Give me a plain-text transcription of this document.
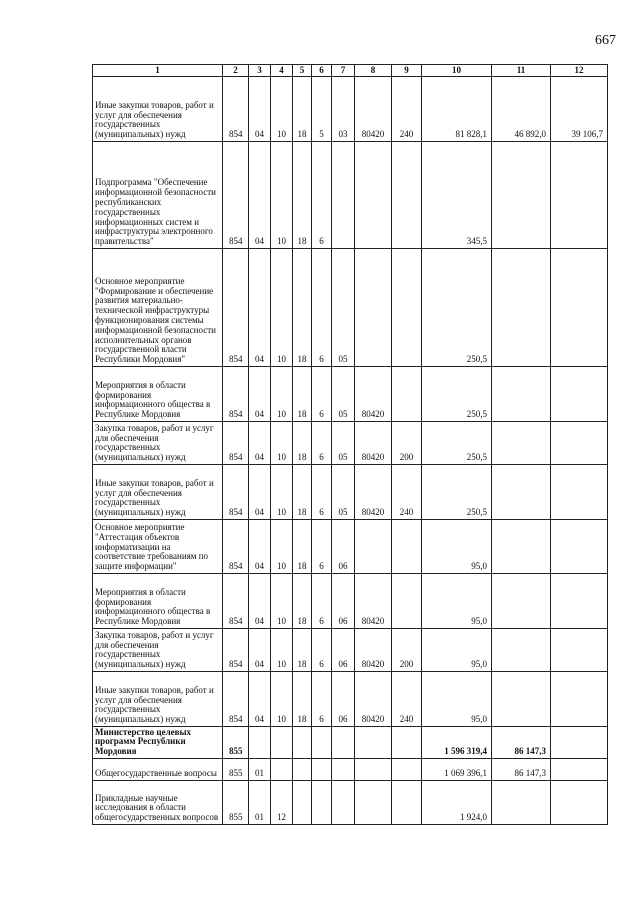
667
1	2	3	4	5	6	7	8	9	10	11	12
Иные закупки товаров, работ и услуг для обеспечения государственных (муниципальных) нужд	854	04	10	18	5	03	80420	240	81 828,1	46 892,0	39 106,7
Подпрограмма "Обеспечение информационной безопасности республиканских государственных информационных систем и инфраструктуры электронного правительства"	854	04	10	18	6				345,5		
Основное мероприятие "Формирование и обеспечение развития материально-технической инфраструктуры функционирования системы информационной безопасности исполнительных органов государственной власти Республики Мордовия"	854	04	10	18	6	05			250,5		
Мероприятия в области формирования информационного общества в Республике Мордовия	854	04	10	18	6	05	80420		250,5		
Закупка товаров, работ и услуг для обеспечения государственных (муниципальных) нужд	854	04	10	18	6	05	80420	200	250,5		
Иные закупки товаров, работ и услуг для обеспечения государственных (муниципальных) нужд	854	04	10	18	6	05	80420	240	250,5		
Основное мероприятие "Аттестация объектов информатизации на соответствие требованиям по защите информации"	854	04	10	18	6	06			95,0		
Мероприятия в области формирования информационного общества в Республике Мордовия	854	04	10	18	6	06	80420		95,0		
Закупка товаров, работ и услуг для обеспечения государственных (муниципальных) нужд	854	04	10	18	6	06	80420	200	95,0		
Иные закупки товаров, работ и услуг для обеспечения государственных (муниципальных) нужд	854	04	10	18	6	06	80420	240	95,0		
Министерство целевых программ Республики Мордовия	855								1 596 319,4	86 147,3	
Общегосударственные вопросы	855	01							1 069 396,1	86 147,3	
Прикладные научные исследования в области общегосударственных вопросов	855	01	12						1 924,0		
